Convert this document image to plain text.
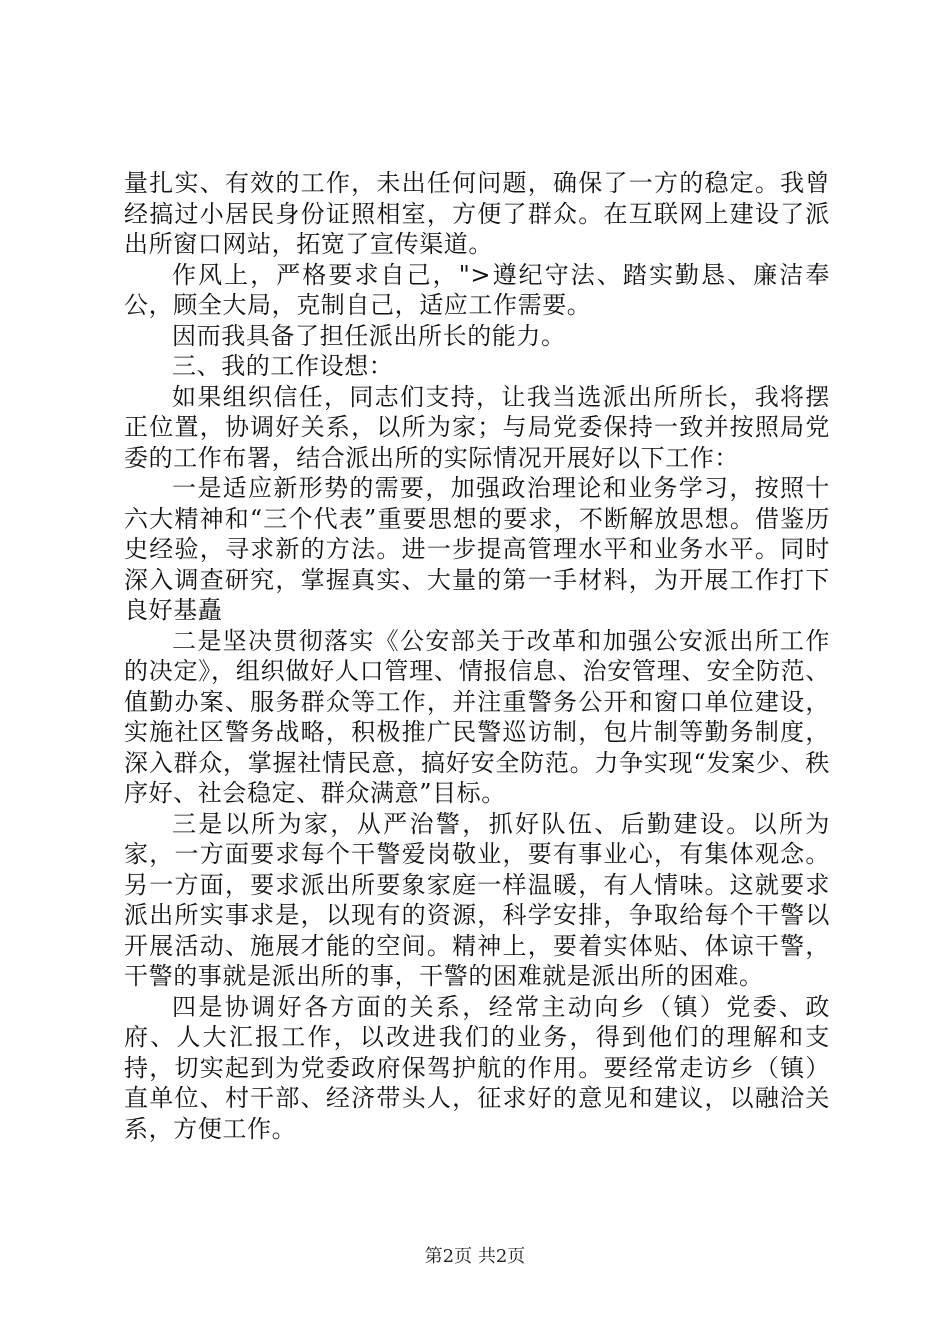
量扎实、有效的工作，未出任何问题，确保了一方的稳定。我曾经搞过小居民身份证照相室，方便了群众。在互联网上建设了派出所窗口网站，拓宽了宣传渠道。

作风上，严格要求自己，">遵纪守法、踏实勤恳、廉洁奉公，顾全大局，克制自己，适应工作需要。

因而我具备了担任派出所长的能力。

三、我的工作设想：

如果组织信任，同志们支持，让我当选派出所所长，我将摆正位置，协调好关系，以所为家；与局党委保持一致并按照局党委的工作布署，结合派出所的实际情况开展好以下工作：

一是适应新形势的需要，加强政治理论和业务学习，按照十六大精神和“三个代表”重要思想的要求，不断解放思想。借鉴历史经验，寻求新的方法。进一步提高管理水平和业务水平。同时深入调查研究，掌握真实、大量的第一手材料，为开展工作打下良好基矗

二是坚决贯彻落实《公安部关于改革和加强公安派出所工作的决定》，组织做好人口管理、情报信息、治安管理、安全防范、值勤办案、服务群众等工作，并注重警务公开和窗口单位建设，实施社区警务战略，积极推广民警巡访制，包片制等勤务制度，深入群众，掌握社情民意，搞好安全防范。力争实现“发案少、秩序好、社会稳定、群众满意”目标。

三是以所为家，从严治警，抓好队伍、后勤建设。以所为家，一方面要求每个干警爱岗敬业，要有事业心，有集体观念。另一方面，要求派出所要象家庭一样温暖，有人情味。这就要求派出所实事求是，以现有的资源，科学安排，争取给每个干警以开展活动、施展才能的空间。精神上，要着实体贴、体谅干警，干警的事就是派出所的事，干警的困难就是派出所的困难。

四是协调好各方面的关系，经常主动向乡（镇）党委、政府、人大汇报工作，以改进我们的业务，得到他们的理解和支持，切实起到为党委政府保驾护航的作用。要经常走访乡（镇）直单位、村干部、经济带头人，征求好的意见和建议，以融洽关系，方便工作。

第2页 共2页
